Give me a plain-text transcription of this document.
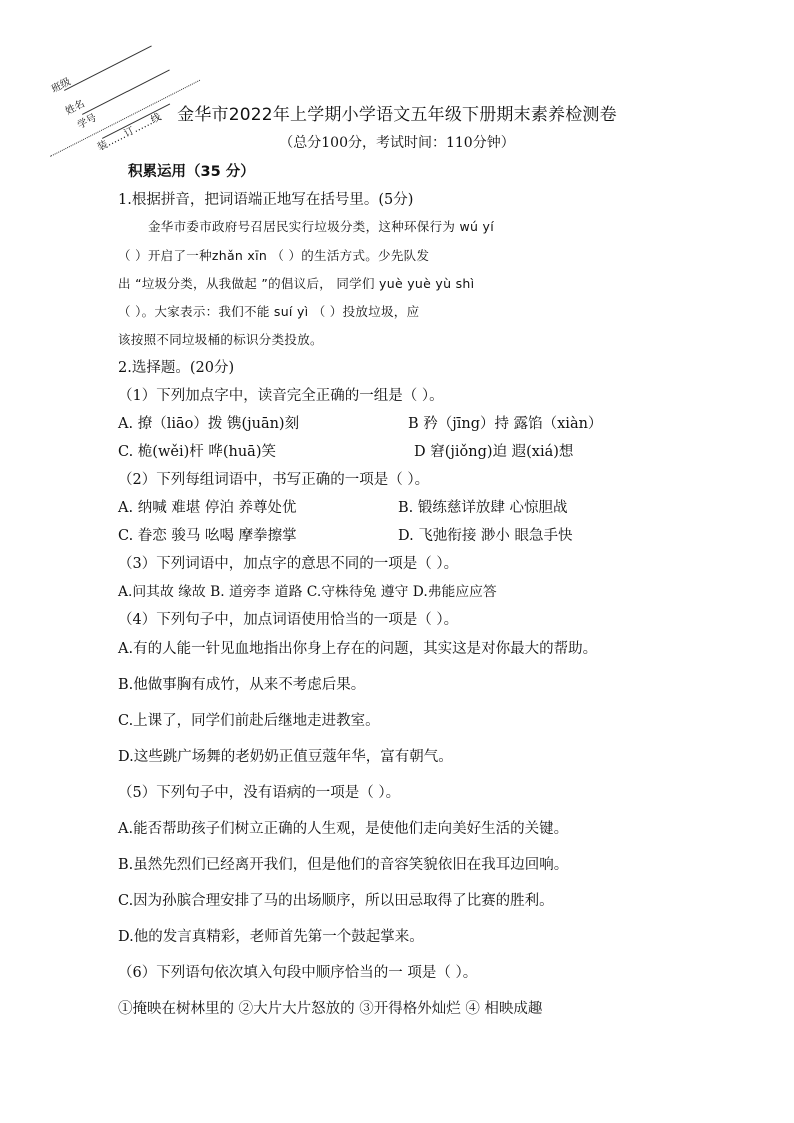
班级
姓名
学号
装……订……线 金华市2022年上学期小学语文五年级下册期末素养检测卷
（总分100分，考试时间：110分钟）
积累运用（35 分）
1.根据拼音，把词语端正地写在括号里。(5分)
金华市委市政府号召居民实行垃圾分类，这种环保行为 wú yí
（ ）开启了一种zhǎn xīn （ ）的生活方式。少先队发
出 “垃圾分类，从我做起 ”的倡议后， 同学们 yuè yuè yù shì
（ ）。大家表示：我们不能 suí yì （ ）投放垃圾，应
该按照不同垃圾桶的标识分类投放。
2.选择题。(20分)
（1）下列加点字中，读音完全正确的一组是（ ）。
A. 撩（liāo）拨 镌(juān)刻	B 矜（jīng）持 露馅（xiàn）
C. 桅(wěi)杆 哗(huā)笑	D 窘(jiǒng)迫 遐(xiá)想
（2）下列每组词语中，书写正确的一项是（ ）。
A. 纳喊 难堪 停泊 养尊处优	B. 锻练慈详放肆 心惊胆战
C. 眷恋 骏马 吆喝 摩拳擦掌	D. 飞弛衔接 渺小 眼急手快
（3）下列词语中，加点字的意思不同的一项是（ ）。
A.问其故 缘故 B. 道旁李 道路 C.守株待兔 遵守 D.弗能应应答
（4）下列句子中，加点词语使用恰当的一项是（ ）。
A.有的人能一针见血地指出你身上存在的问题，其实这是对你最大的帮助。
B.他做事胸有成竹，从来不考虑后果。
C.上课了，同学们前赴后继地走进教室。
D.这些跳广场舞的老奶奶正值豆蔻年华，富有朝气。
（5）下列句子中，没有语病的一项是（ ）。
A.能否帮助孩子们树立正确的人生观，是使他们走向美好生活的关键。
B.虽然先烈们已经离开我们，但是他们的音容笑貌依旧在我耳边回响。
C.因为孙膑合理安排了马的出场顺序，所以田忌取得了比赛的胜利。
D.他的发言真精彩，老师首先第一个鼓起掌来。
（6）下列语句依次填入句段中顺序恰当的一 项是（ ）。
①掩映在树林里的 ②大片大片怒放的 ③开得格外灿烂 ④ 相映成趣
